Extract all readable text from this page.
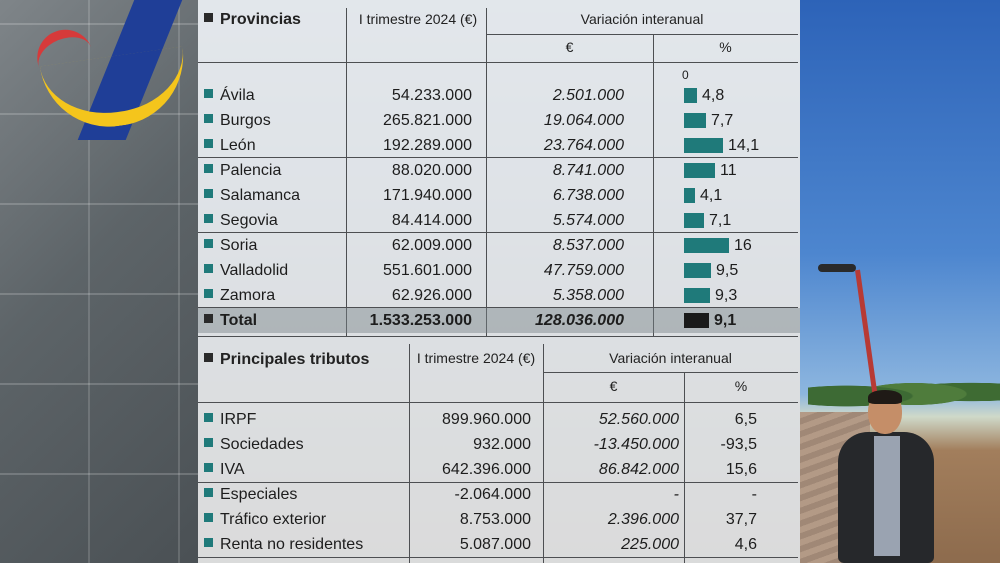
Provincias	I trimestre 2024 (€)	Variación interanual
€	%
0
Ávila	54.233.000	2.501.000	4,8
Burgos	265.821.000	19.064.000	7,7
León	192.289.000	23.764.000	14,1
Palencia	88.020.000	8.741.000	11
Salamanca	171.940.000	6.738.000	4,1
Segovia	84.414.000	5.574.000	7,1
Soria	62.009.000	8.537.000	16
Valladolid	551.601.000	47.759.000	9,5
Zamora	62.926.000	5.358.000	9,3
Total	1.533.253.000	128.036.000	9,1
Principales tributos	I trimestre 2024 (€)	Variación interanual
€	%
IRPF	899.960.000	52.560.000	6,5
Sociedades	932.000	-13.450.000	-93,5
IVA	642.396.000	86.842.000	15,6
Especiales	-2.064.000	-	-
Tráfico exterior	8.753.000	2.396.000	37,7
Renta no residentes	5.087.000	225.000	4,6
